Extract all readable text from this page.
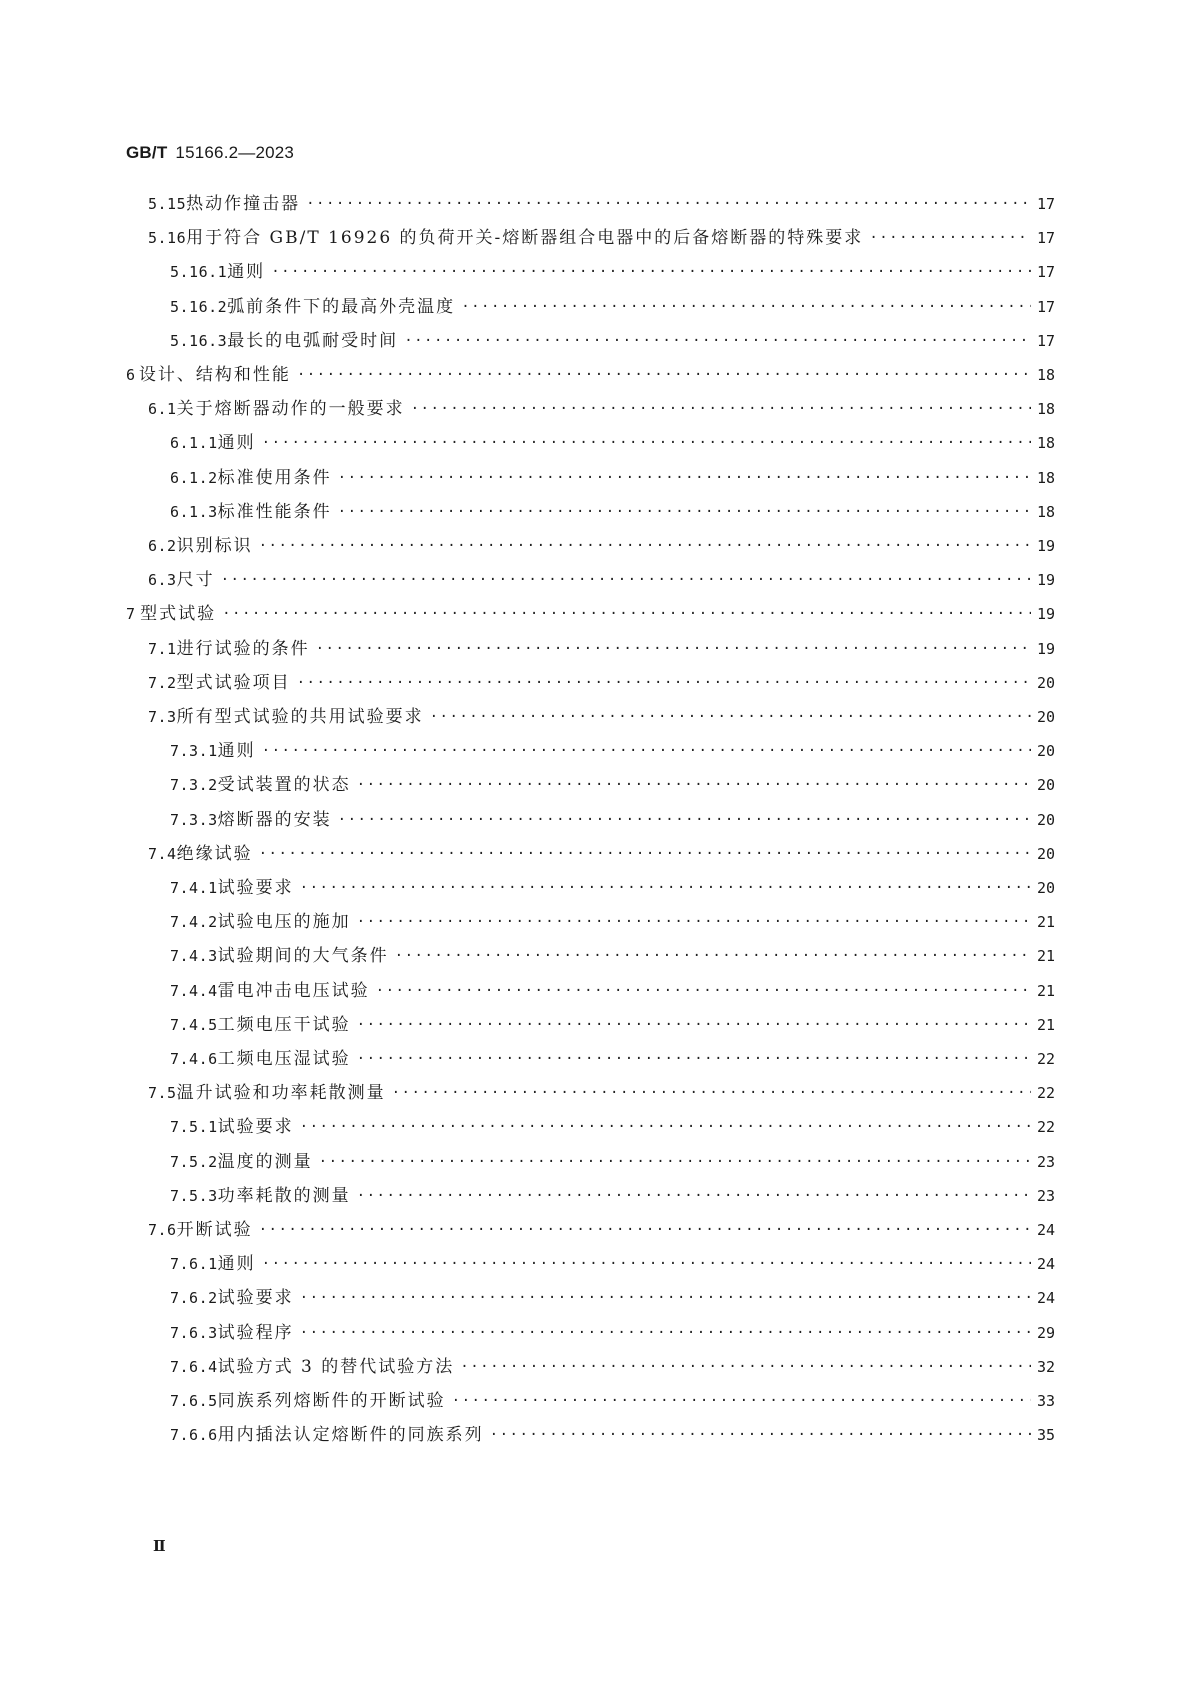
GB/T 15166.2—2023
5.15 热动作撞击器 ·····	17
5.16 用于符合 GB/T 16926 的负荷开关-熔断器组合电器中的后备熔断器的特殊要求 ·····	17
5.16.1 通则 ·····	17
5.16.2 弧前条件下的最高外壳温度 ·····	17
5.16.3 最长的电弧耐受时间 ·····	17
6 设计、结构和性能 ·····	18
6.1 关于熔断器动作的一般要求 ·····	18
6.1.1 通则 ·····	18
6.1.2 标准使用条件 ·····	18
6.1.3 标准性能条件 ·····	18
6.2 识别标识 ·····	19
6.3 尺寸 ·····	19
7 型式试验 ·····	19
7.1 进行试验的条件 ·····	19
7.2 型式试验项目 ·····	20
7.3 所有型式试验的共用试验要求 ·····	20
7.3.1 通则 ·····	20
7.3.2 受试装置的状态 ·····	20
7.3.3 熔断器的安装 ·····	20
7.4 绝缘试验 ·····	20
7.4.1 试验要求 ·····	20
7.4.2 试验电压的施加 ·····	21
7.4.3 试验期间的大气条件 ·····	21
7.4.4 雷电冲击电压试验 ·····	21
7.4.5 工频电压干试验 ·····	21
7.4.6 工频电压湿试验 ·····	22
7.5 温升试验和功率耗散测量 ·····	22
7.5.1 试验要求 ·····	22
7.5.2 温度的测量 ·····	23
7.5.3 功率耗散的测量 ·····	23
7.6 开断试验 ·····	24
7.6.1 通则 ·····	24
7.6.2 试验要求 ·····	24
7.6.3 试验程序 ·····	29
7.6.4 试验方式 3 的替代试验方法 ·····	32
7.6.5 同族系列熔断件的开断试验 ·····	33
7.6.6 用内插法认定熔断件的同族系列 ·····	35
Ⅱ
